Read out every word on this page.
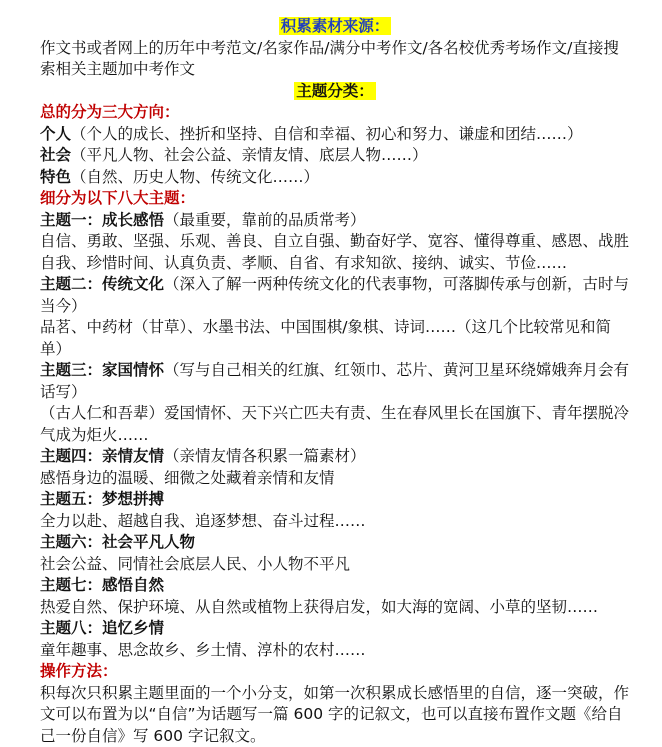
积累素材来源：

作文书或者网上的历年中考范文/名家作品/满分中考作文/各名校优秀考场作文/直接搜索相关主题加中考作文

主题分类：

总的分为三大方向：

个人（个人的成长、挫折和坚持、自信和幸福、初心和努力、谦虚和团结……）

社会（平凡人物、社会公益、亲情友情、底层人物……）

特色（自然、历史人物、传统文化……）

细分为以下八大主题：

主题一：成长感悟（最重要，靠前的品质常考）

自信、勇敢、坚强、乐观、善良、自立自强、勤奋好学、宽容、懂得尊重、感恩、战胜自我、珍惜时间、认真负责、孝顺、自省、有求知欲、接纳、诚实、节俭……

主题二：传统文化（深入了解一两种传统文化的代表事物，可落脚传承与创新，古时与当今）

品茗、中药材（甘草）、水墨书法、中国围棋/象棋、诗词……（这几个比较常见和简单）

主题三：家国情怀（写与自己相关的红旗、红领巾、芯片、黄河卫星环绕嫦娥奔月会有话写）

（古人仁和吾辈）爱国情怀、天下兴亡匹夫有责、生在春风里长在国旗下、青年摆脱冷气成为炬火……

主题四：亲情友情（亲情友情各积累一篇素材）

感悟身边的温暖、细微之处藏着亲情和友情

主题五：梦想拼搏

全力以赴、超越自我、追逐梦想、奋斗过程……

主题六：社会平凡人物

社会公益、同情社会底层人民、小人物不平凡

主题七：感悟自然

热爱自然、保护环境、从自然或植物上获得启发，如大海的宽阔、小草的坚韧……

主题八：追忆乡情

童年趣事、思念故乡、乡土情、淳朴的农村……

操作方法：

积每次只积累主题里面的一个小分支，如第一次积累成长感悟里的自信，逐一突破，作文可以布置为以“自信”为话题写一篇 600 字的记叙文，也可以直接布置作文题《给自己一份自信》写 600 字记叙文。
